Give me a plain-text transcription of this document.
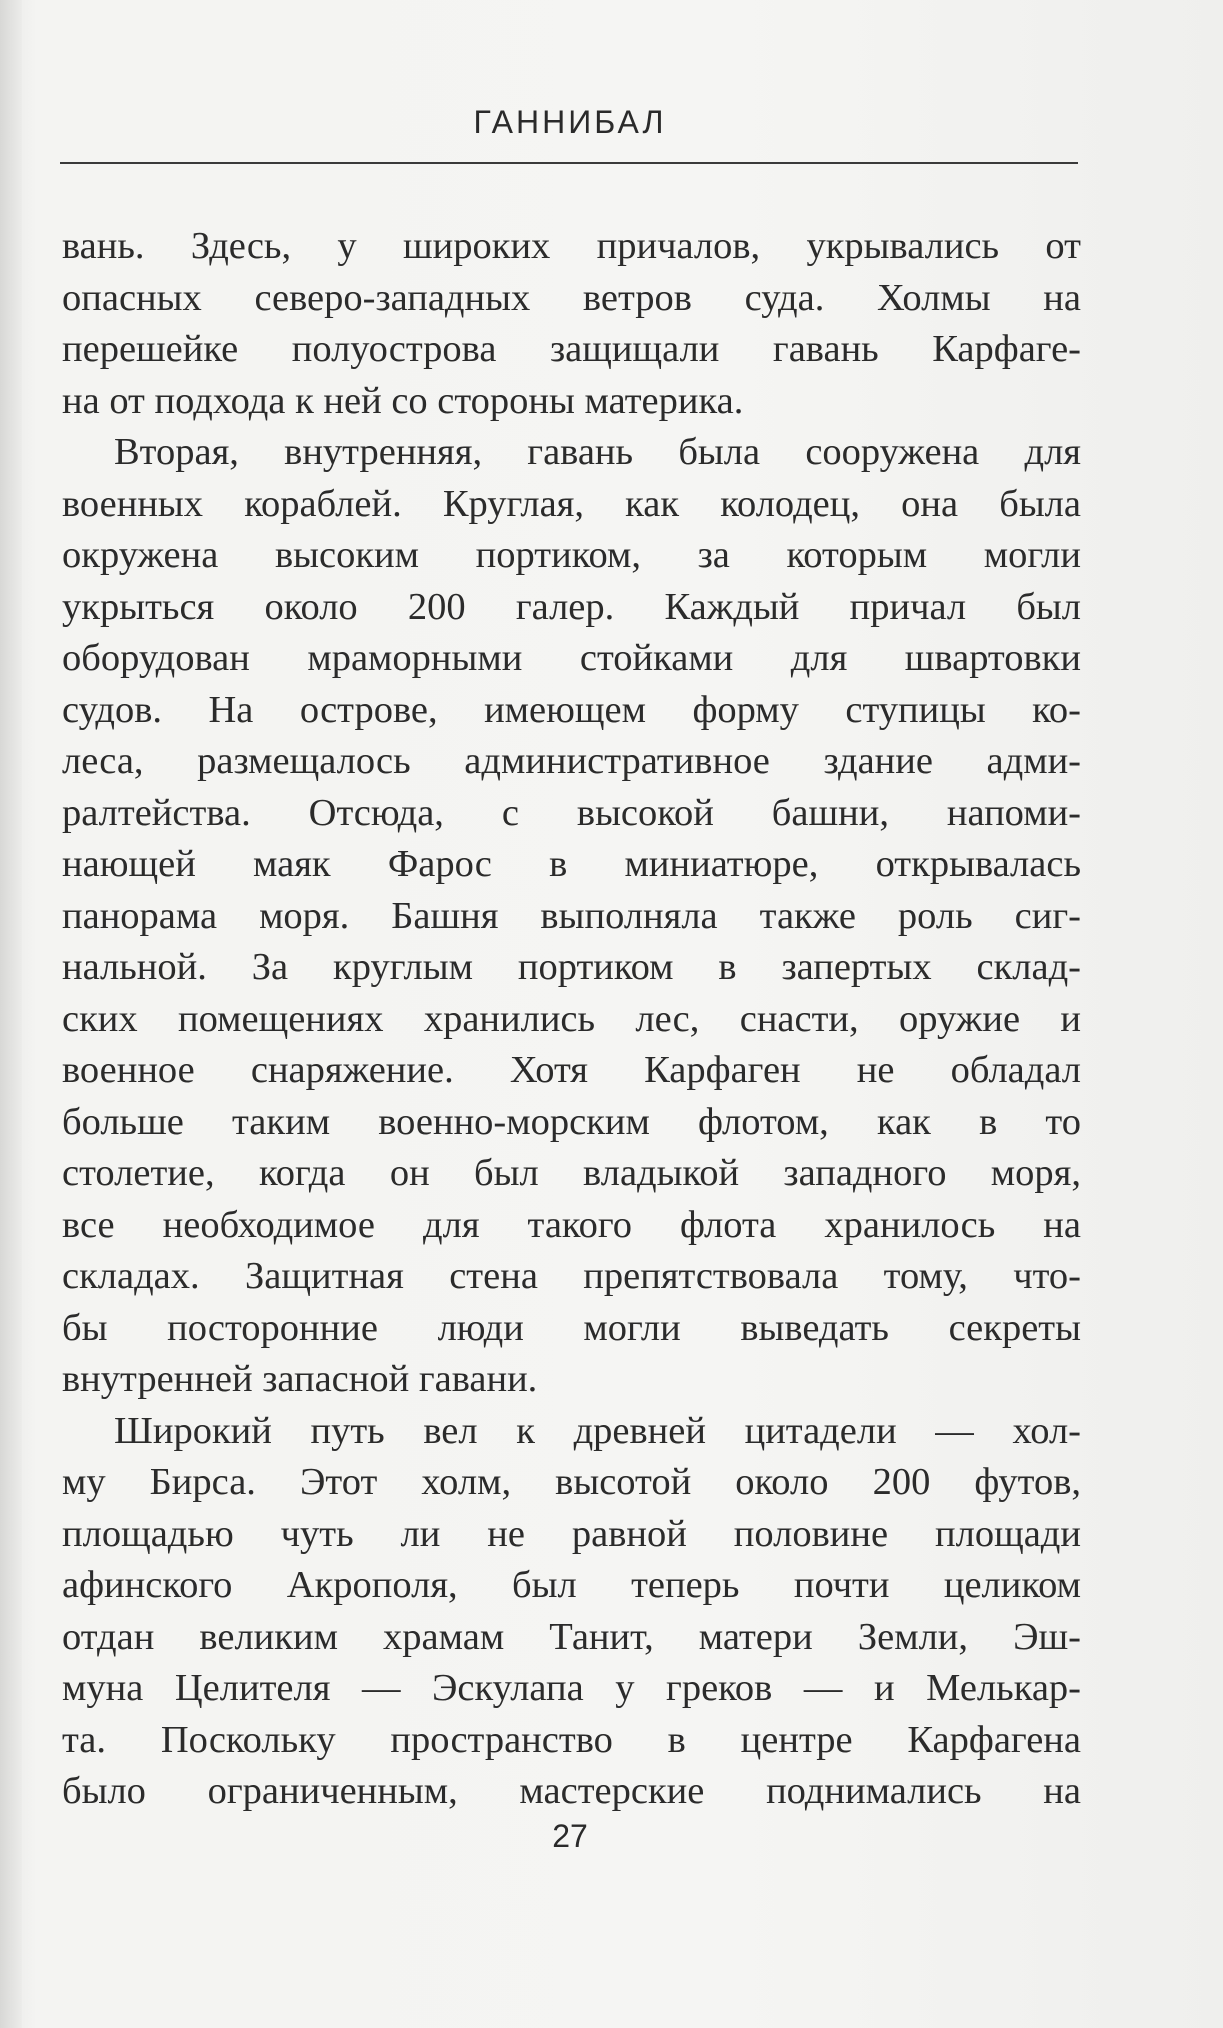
ГАННИБАЛ
вань. Здесь, у широких причалов, укрывались от
опасных северо-западных ветров суда. Холмы на
перешейке полуострова защищали гавань Карфаге-
на от подхода к ней со стороны материка.
Вторая, внутренняя, гавань была сооружена для
военных кораблей. Круглая, как колодец, она была
окружена высоким портиком, за которым могли
укрыться около 200 галер. Каждый причал был
оборудован мраморными стойками для швартовки
судов. На острове, имеющем форму ступицы ко-
леса, размещалось административное здание адми-
ралтейства. Отсюда, с высокой башни, напоми-
нающей маяк Фарос в миниатюре, открывалась
панорама моря. Башня выполняла также роль сиг-
нальной. За круглым портиком в запертых склад-
ских помещениях хранились лес, снасти, оружие и
военное снаряжение. Хотя Карфаген не обладал
больше таким военно-морским флотом, как в то
столетие, когда он был владыкой западного моря,
все необходимое для такого флота хранилось на
складах. Защитная стена препятствовала тому, что-
бы посторонние люди могли выведать секреты
внутренней запасной гавани.
Широкий путь вел к древней цитадели — хол-
му Бирса. Этот холм, высотой около 200 футов,
площадью чуть ли не равной половине площади
афинского Акрополя, был теперь почти целиком
отдан великим храмам Танит, матери Земли, Эш-
муна Целителя — Эскулапа у греков — и Мелькар-
та. Поскольку пространство в центре Карфагена
было ограниченным, мастерские поднимались на
27
